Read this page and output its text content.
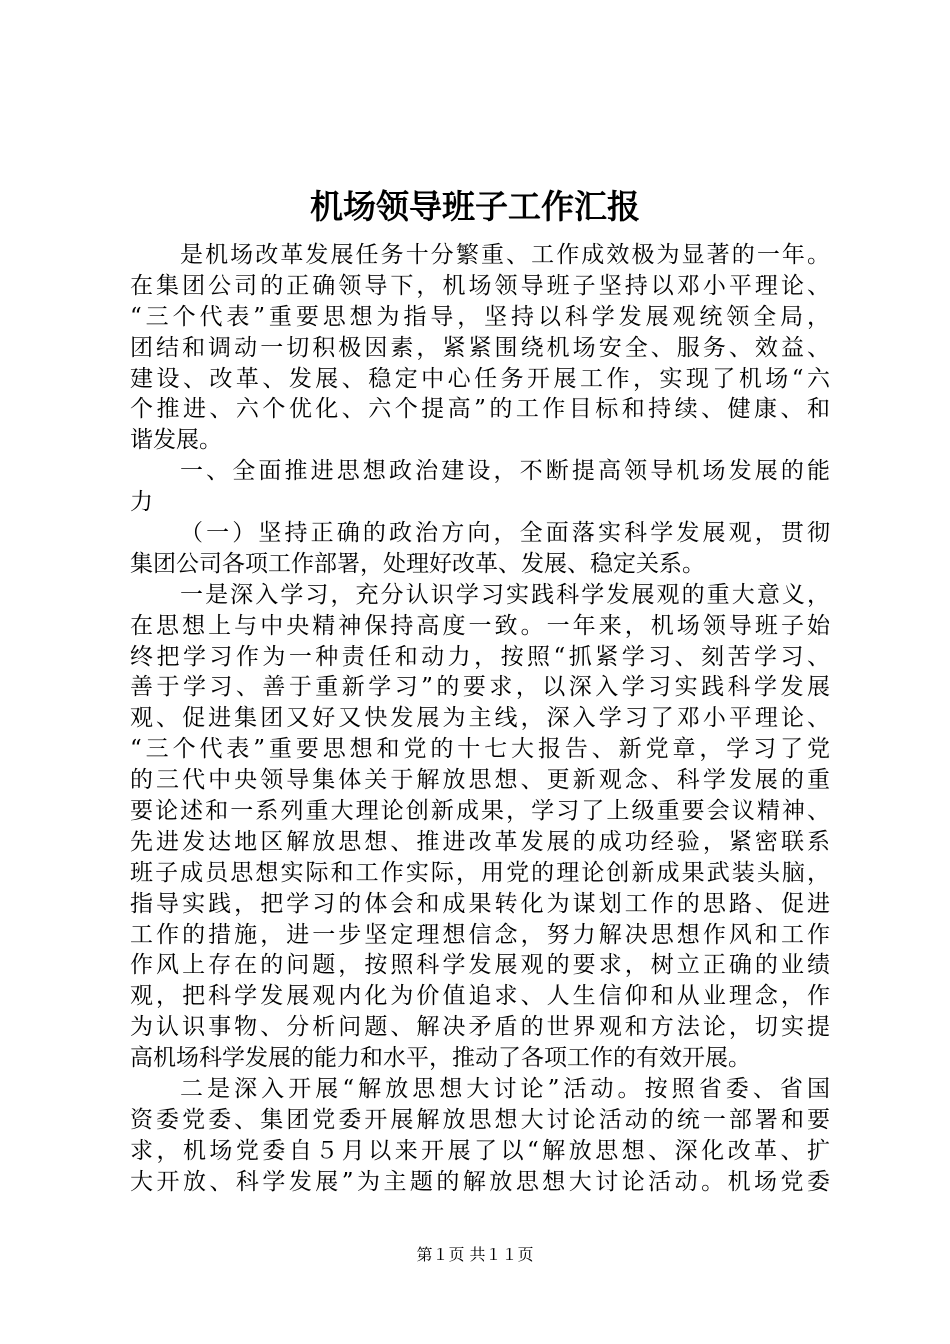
机场领导班子工作汇报
是机场改革发展任务十分繁重、工作成效极为显著的一年。
在集团公司的正确领导下，机场领导班子坚持以邓小平理论、
“三个代表”重要思想为指导，坚持以科学发展观统领全局，
团结和调动一切积极因素，紧紧围绕机场安全、服务、效益、
建设、改革、发展、稳定中心任务开展工作，实现了机场“六
个推进、六个优化、六个提高”的工作目标和持续、健康、和
谐发展。
一、全面推进思想政治建设，不断提高领导机场发展的能
力
（一）坚持正确的政治方向，全面落实科学发展观，贯彻
集团公司各项工作部署，处理好改革、发展、稳定关系。
一是深入学习，充分认识学习实践科学发展观的重大意义，
在思想上与中央精神保持高度一致。一年来，机场领导班子始
终把学习作为一种责任和动力，按照“抓紧学习、刻苦学习、
善于学习、善于重新学习”的要求，以深入学习实践科学发展
观、促进集团又好又快发展为主线，深入学习了邓小平理论、
“三个代表”重要思想和党的十七大报告、新党章，学习了党
的三代中央领导集体关于解放思想、更新观念、科学发展的重
要论述和一系列重大理论创新成果，学习了上级重要会议精神、
先进发达地区解放思想、推进改革发展的成功经验，紧密联系
班子成员思想实际和工作实际，用党的理论创新成果武装头脑，
指导实践，把学习的体会和成果转化为谋划工作的思路、促进
工作的措施，进一步坚定理想信念，努力解决思想作风和工作
作风上存在的问题，按照科学发展观的要求，树立正确的业绩
观，把科学发展观内化为价值追求、人生信仰和从业理念，作
为认识事物、分析问题、解决矛盾的世界观和方法论，切实提
高机场科学发展的能力和水平，推动了各项工作的有效开展。
二是深入开展“解放思想大讨论”活动。按照省委、省国
资委党委、集团党委开展解放思想大讨论活动的统一部署和要
求，机场党委自５月以来开展了以“解放思想、深化改革、扩
大开放、科学发展”为主题的解放思想大讨论活动。机场党委
第１页 共１１页
